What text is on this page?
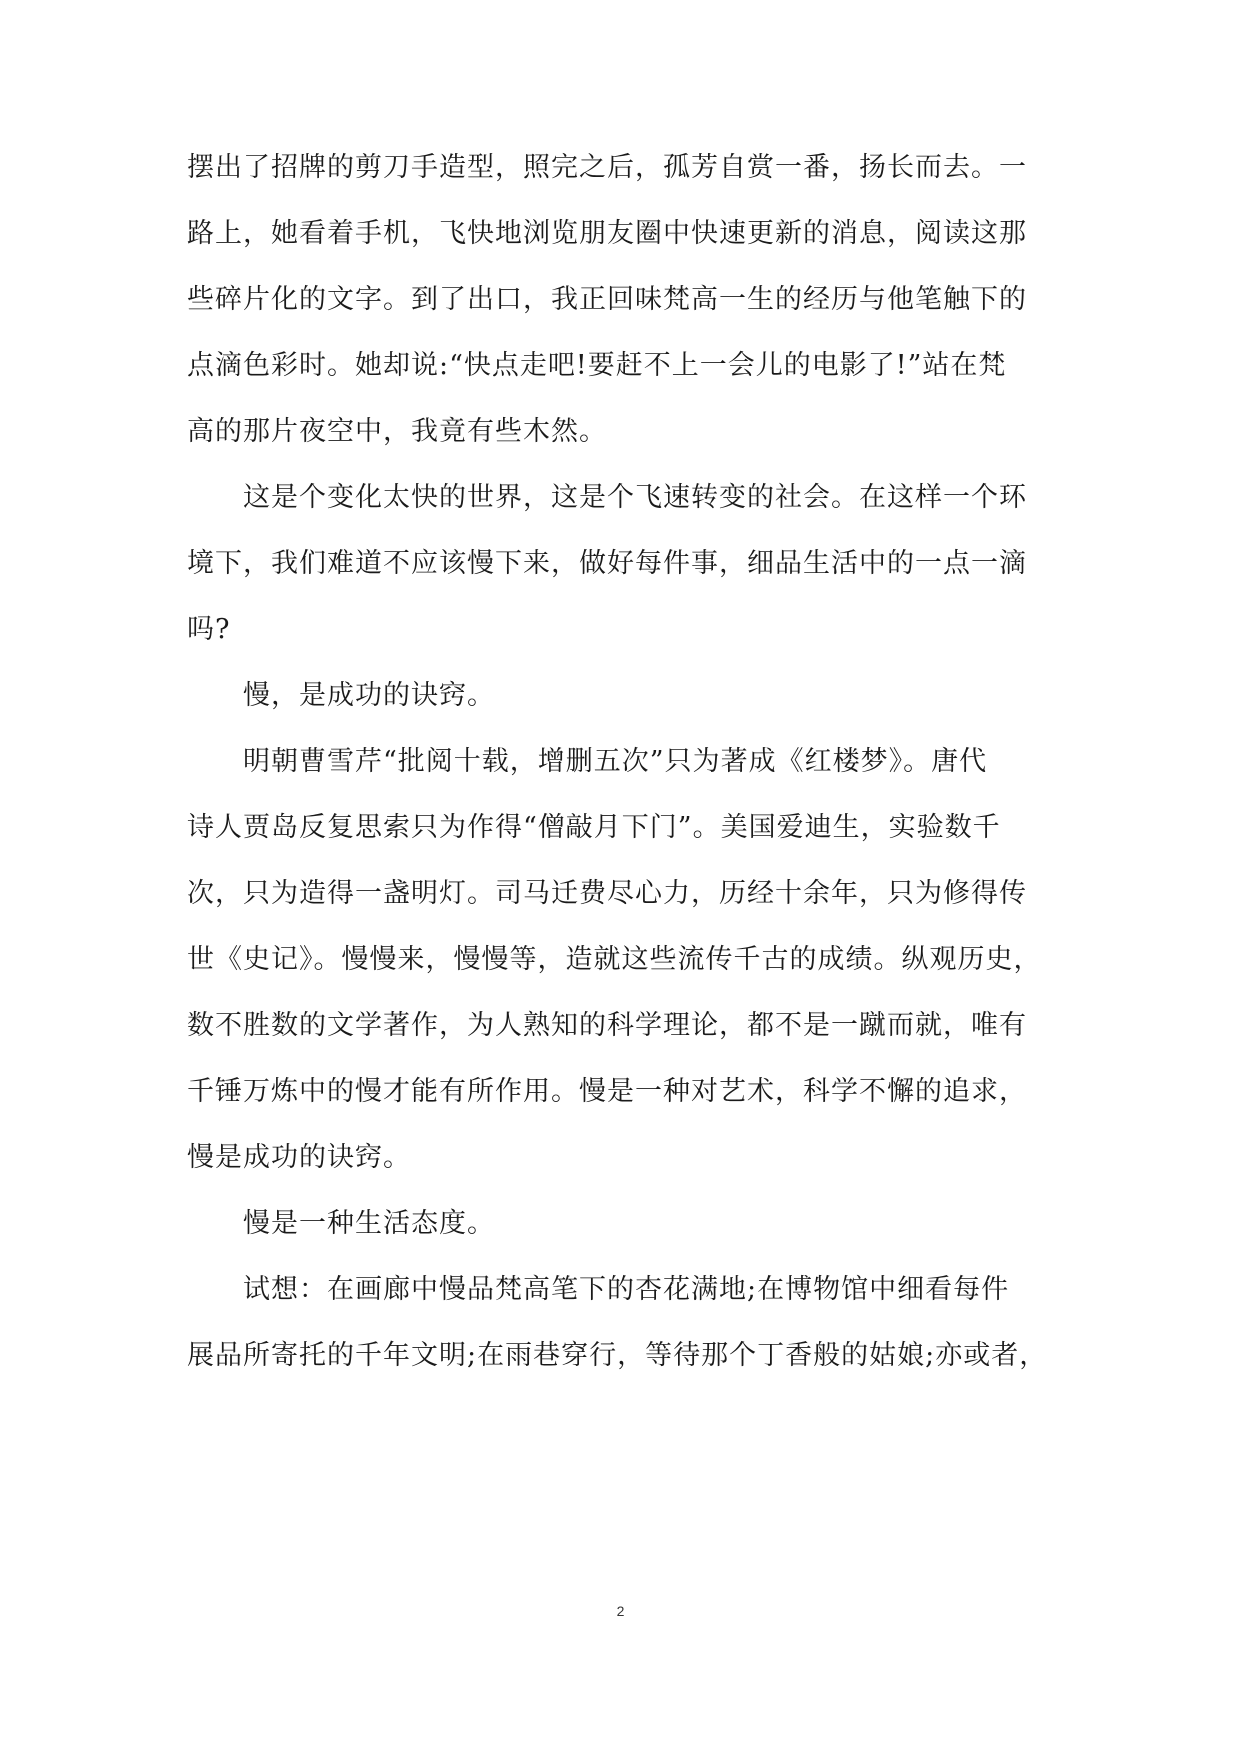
摆出了招牌的剪刀手造型，照完之后，孤芳自赏一番，扬长而去。一
路上，她看着手机，飞快地浏览朋友圈中快速更新的消息，阅读这那
些碎片化的文字。到了出口，我正回味梵高一生的经历与他笔触下的
点滴色彩时。她却说:“快点走吧!要赶不上一会儿的电影了!”站在梵
高的那片夜空中，我竟有些木然。

这是个变化太快的世界，这是个飞速转变的社会。在这样一个环
境下，我们难道不应该慢下来，做好每件事，细品生活中的一点一滴
吗?

慢，是成功的诀窍。

明朝曹雪芹“批阅十载，增删五次”只为著成《红楼梦》。唐代
诗人贾岛反复思索只为作得“僧敲月下门”。美国爱迪生，实验数千
次，只为造得一盏明灯。司马迁费尽心力，历经十余年，只为修得传
世《史记》。慢慢来，慢慢等，造就这些流传千古的成绩。纵观历史，
数不胜数的文学著作，为人熟知的科学理论，都不是一蹴而就，唯有
千锤万炼中的慢才能有所作用。慢是一种对艺术，科学不懈的追求，
慢是成功的诀窍。

慢是一种生活态度。

试想：在画廊中慢品梵高笔下的杏花满地;在博物馆中细看每件
展品所寄托的千年文明;在雨巷穿行，等待那个丁香般的姑娘;亦或者，

2
